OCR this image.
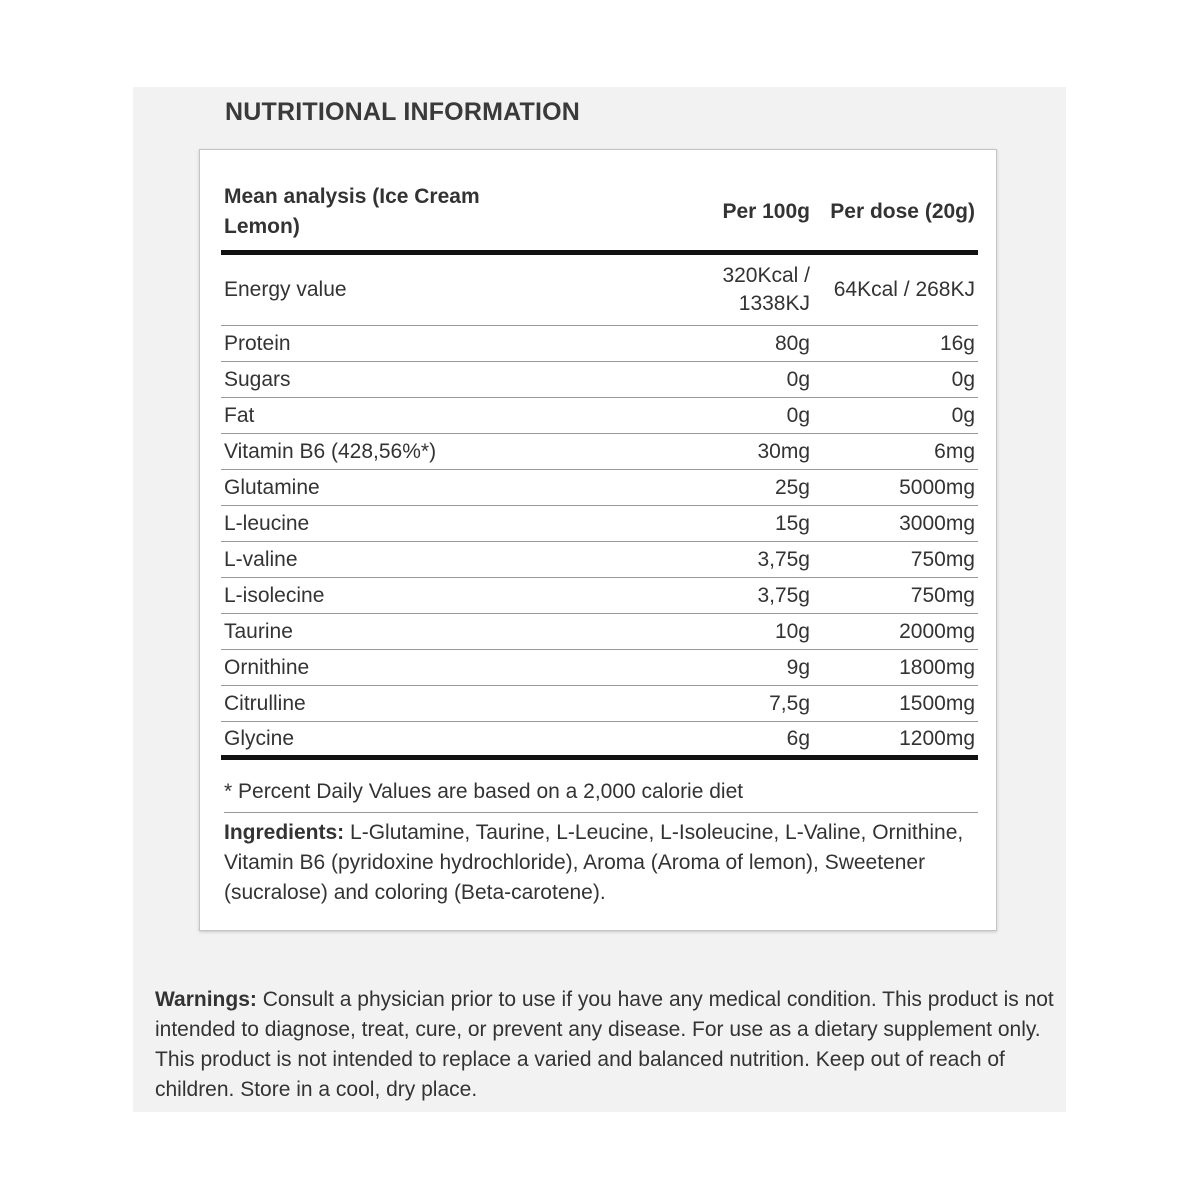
NUTRITIONAL INFORMATION
Mean analysis (Ice Cream Lemon)	Per 100g	Per dose (20g)
Energy value	320Kcal / 1338KJ	64Kcal / 268KJ
Protein	80g	16g
Sugars	0g	0g
Fat	0g	0g
Vitamin B6 (428,56%*)	30mg	6mg
Glutamine	25g	5000mg
L-leucine	15g	3000mg
L-valine	3,75g	750mg
L-isolecine	3,75g	750mg
Taurine	10g	2000mg
Ornithine	9g	1800mg
Citrulline	7,5g	1500mg
Glycine	6g	1200mg
* Percent Daily Values are based on a 2,000 calorie diet
Ingredients: L-Glutamine, Taurine, L-Leucine, L-Isoleucine, L-Valine, Ornithine, Vitamin B6 (pyridoxine hydrochloride), Aroma (Aroma of lemon), Sweetener (sucralose) and coloring (Beta-carotene).
Warnings: Consult a physician prior to use if you have any medical condition. This product is not intended to diagnose, treat, cure, or prevent any disease. For use as a dietary supplement only. This product is not intended to replace a varied and balanced nutrition. Keep out of reach of children. Store in a cool, dry place.
